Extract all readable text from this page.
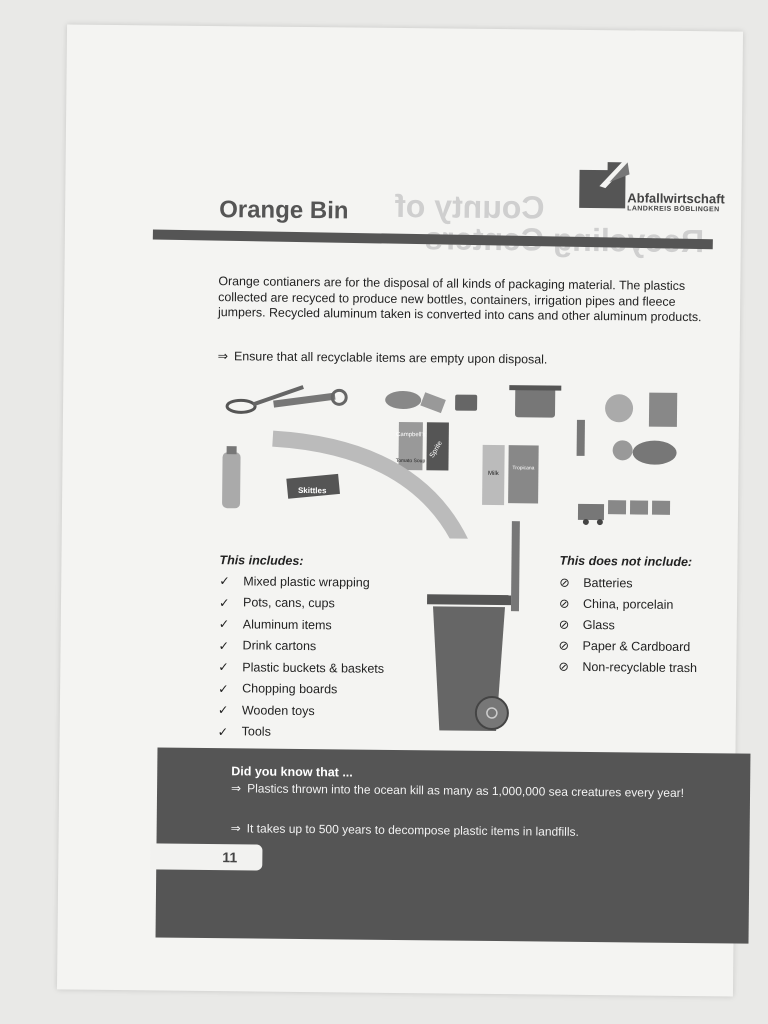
County of	Abfallwirtschaft
LANDKREIS BÖBLINGEN
Orange Bin
Orange contianers are for the disposal of all kinds of packaging material. The plastics collected are recyced to produce new bottles, containers, irrigation pipes and fleece jumpers. Recycled aluminum taken is converted into cans and other aluminum products.
⇒ Ensure that all recyclable items are empty upon disposal.
Campbell's
Tomato Soup
Sprite
Milk
Tropicana
Skittles
This includes:
✓	Mixed plastic wrapping
✓	Pots, cans, cups
✓	Aluminum items
✓	Drink cartons
✓	Plastic buckets & baskets
✓	Chopping boards
✓	Wooden toys
✓	Tools
This does not include:
⊘	Batteries
⊘	China, porcelain
⊘	Glass
⊘	Paper & Cardboard
⊘	Non-recyclable trash
Did you know that ...
⇒ Plastics thrown into the ocean kill as many as 1,000,000 sea creatures every year!
⇒ It takes up to 500 years to decompose plastic items in landfills.
11
